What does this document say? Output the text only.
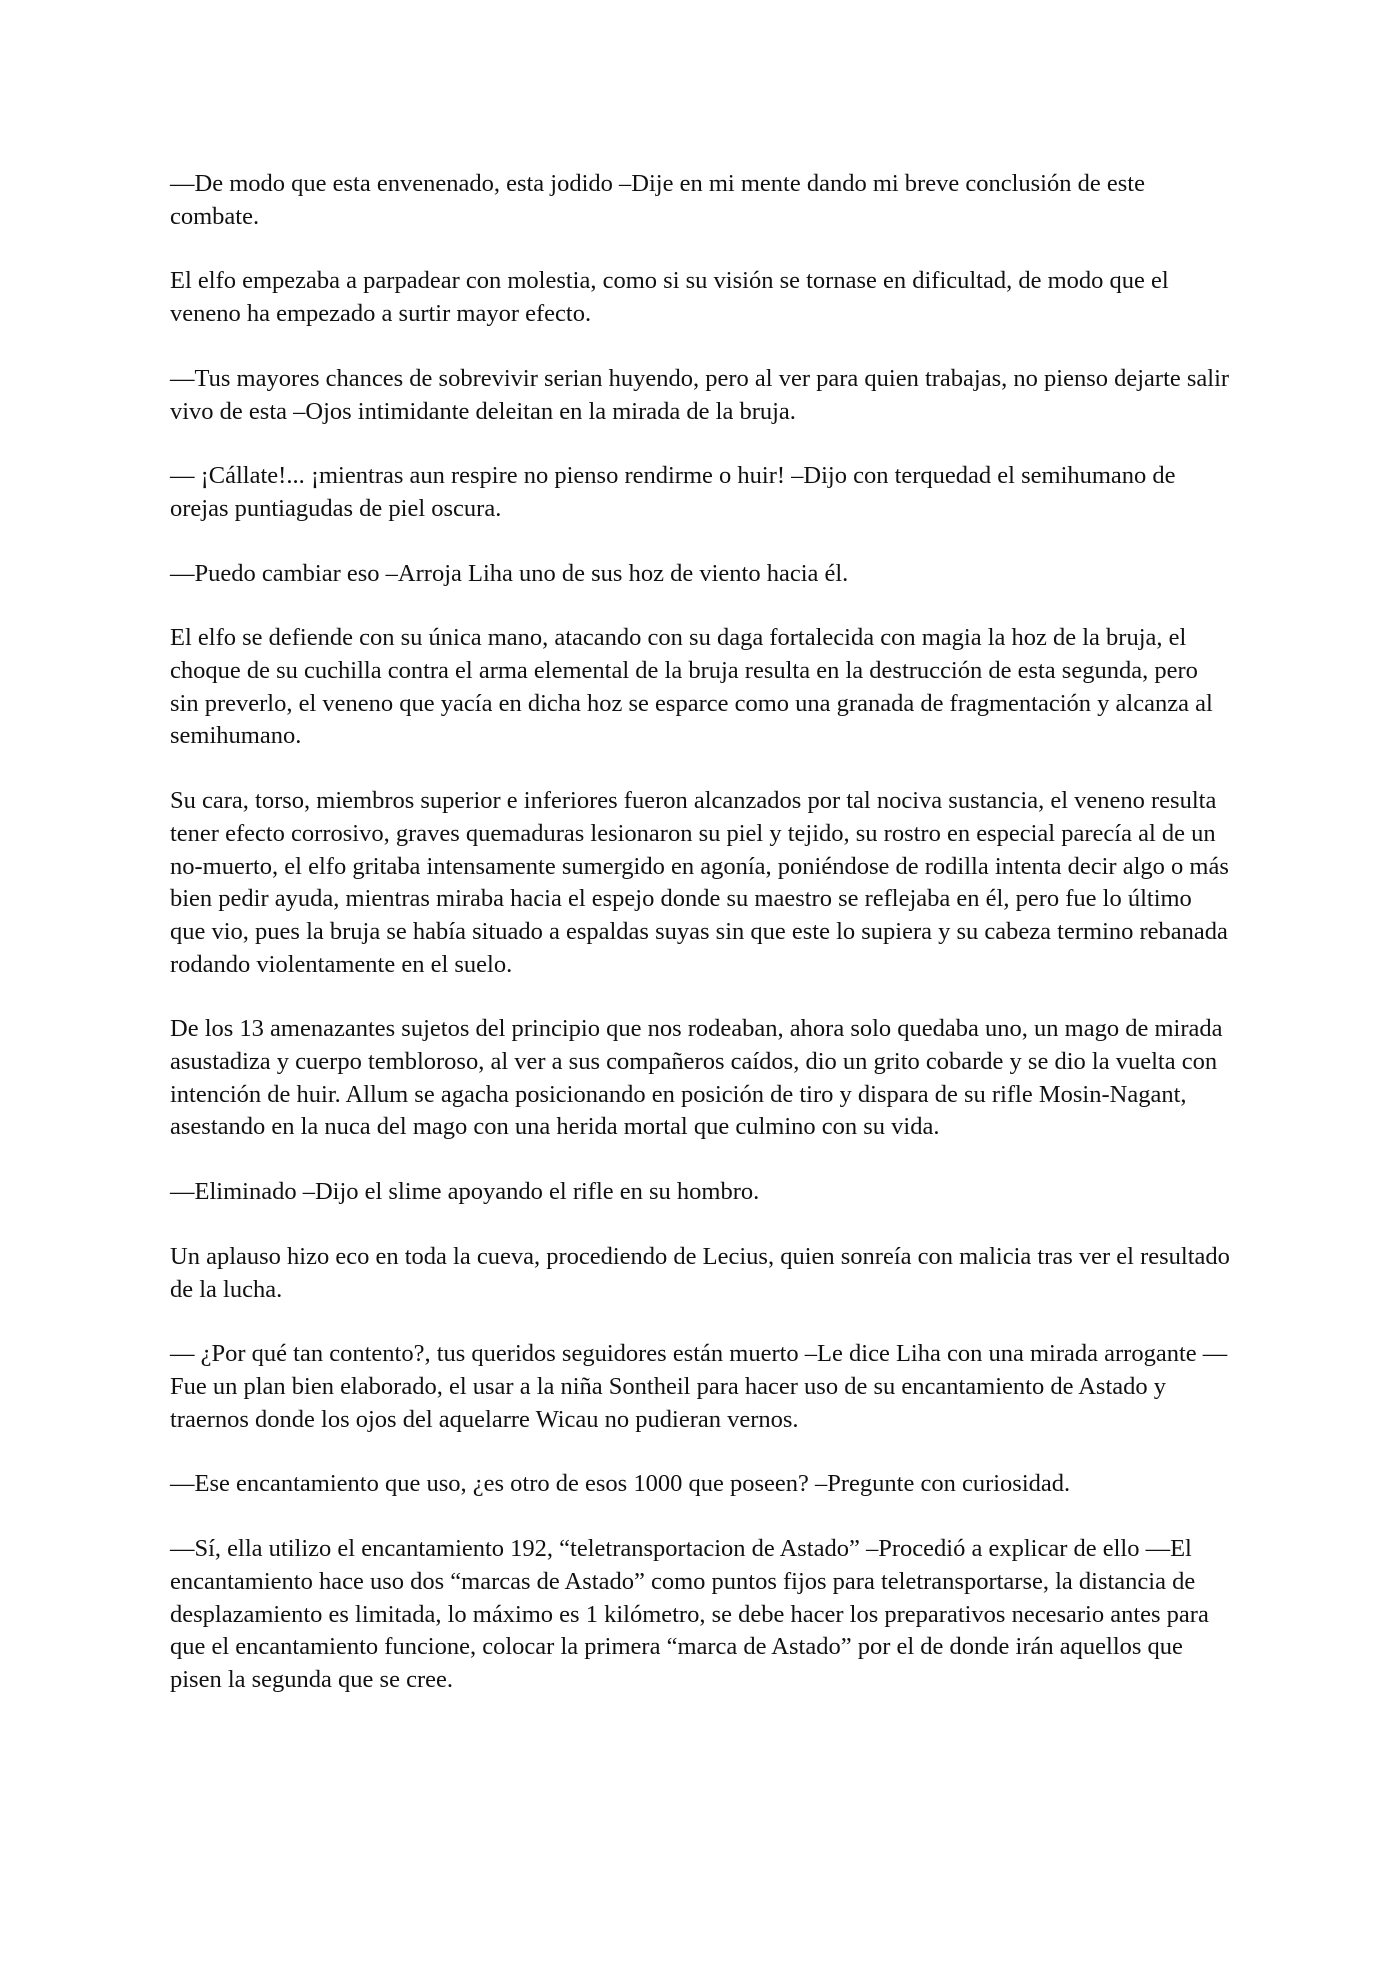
—De modo que esta envenenado, esta jodido –Dije en mi mente dando mi breve conclusión de este combate.

El elfo empezaba a parpadear con molestia, como si su visión se tornase en dificultad, de modo que el veneno ha empezado a surtir mayor efecto.

—Tus mayores chances de sobrevivir serian huyendo, pero al ver para quien trabajas, no pienso dejarte salir vivo de esta –Ojos intimidante deleitan en la mirada de la bruja.

— ¡Cállate!... ¡mientras aun respire no pienso rendirme o huir! –Dijo con terquedad el semihumano de orejas puntiagudas de piel oscura.

—Puedo cambiar eso –Arroja Liha uno de sus hoz de viento hacia él.

El elfo se defiende con su única mano, atacando con su daga fortalecida con magia la hoz de la bruja, el choque de su cuchilla contra el arma elemental de la bruja resulta en la destrucción de esta segunda, pero sin preverlo, el veneno que yacía en dicha hoz se esparce como una granada de fragmentación y alcanza al semihumano.

Su cara, torso, miembros superior e inferiores fueron alcanzados por tal nociva sustancia, el veneno resulta tener efecto corrosivo, graves quemaduras lesionaron su piel y tejido, su rostro en especial parecía al de un no-muerto, el elfo gritaba intensamente sumergido en agonía, poniéndose de rodilla intenta decir algo o más bien pedir ayuda, mientras miraba hacia el espejo donde su maestro se reflejaba en él, pero fue lo último que vio, pues la bruja se había situado a espaldas suyas sin que este lo supiera y su cabeza termino rebanada rodando violentamente en el suelo.

De los 13 amenazantes sujetos del principio que nos rodeaban, ahora solo quedaba uno, un mago de mirada asustadiza y cuerpo tembloroso, al ver a sus compañeros caídos, dio un grito cobarde y se dio la vuelta con intención de huir. Allum se agacha posicionando en posición de tiro y dispara de su rifle Mosin-Nagant, asestando en la nuca del mago con una herida mortal que culmino con su vida.

—Eliminado –Dijo el slime apoyando el rifle en su hombro.

Un aplauso hizo eco en toda la cueva, procediendo de Lecius, quien sonreía con malicia tras ver el resultado de la lucha.

— ¿Por qué tan contento?, tus queridos seguidores están muerto –Le dice Liha con una mirada arrogante —Fue un plan bien elaborado, el usar a la niña Sontheil para hacer uso de su encantamiento de Astado y traernos donde los ojos del aquelarre Wicau no pudieran vernos.

—Ese encantamiento que uso, ¿es otro de esos 1000 que poseen? –Pregunte con curiosidad.

—Sí, ella utilizo el encantamiento 192, “teletransportacion de Astado” –Procedió a explicar de ello —El encantamiento hace uso dos “marcas de Astado” como puntos fijos para teletransportarse, la distancia de desplazamiento es limitada, lo máximo es 1 kilómetro, se debe hacer los preparativos necesario antes para que el encantamiento funcione, colocar la primera “marca de Astado” por el de donde irán aquellos que pisen la segunda que se cree.
